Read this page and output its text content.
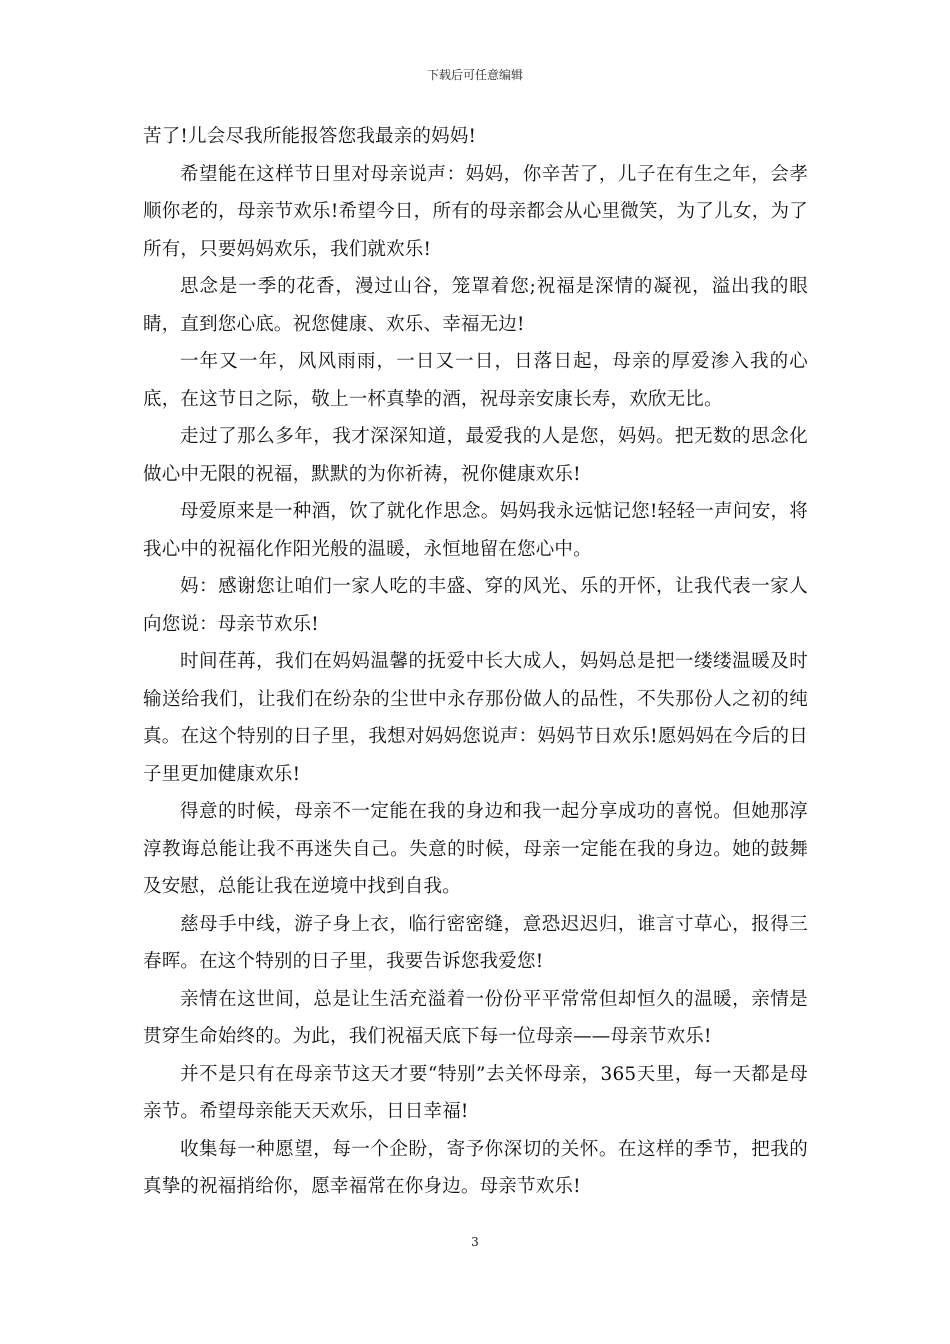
下载后可任意编辑

苦了!儿会尽我所能报答您我最亲的妈妈!

希望能在这样节日里对母亲说声：妈妈，你辛苦了，儿子在有生之年，会孝顺你老的，母亲节欢乐!希望今日，所有的母亲都会从心里微笑，为了儿女，为了所有，只要妈妈欢乐，我们就欢乐!

思念是一季的花香，漫过山谷，笼罩着您;祝福是深情的凝视，溢出我的眼睛，直到您心底。祝您健康、欢乐、幸福无边!

一年又一年，风风雨雨，一日又一日，日落日起，母亲的厚爱渗入我的心底，在这节日之际，敬上一杯真挚的酒，祝母亲安康长寿，欢欣无比。

走过了那么多年，我才深深知道，最爱我的人是您，妈妈。把无数的思念化做心中无限的祝福，默默的为你祈祷，祝你健康欢乐!

母爱原来是一种酒，饮了就化作思念。妈妈我永远惦记您!轻轻一声问安，将我心中的祝福化作阳光般的温暖，永恒地留在您心中。

妈：感谢您让咱们一家人吃的丰盛、穿的风光、乐的开怀，让我代表一家人向您说：母亲节欢乐!

时间荏苒，我们在妈妈温馨的抚爱中长大成人，妈妈总是把一缕缕温暖及时输送给我们，让我们在纷杂的尘世中永存那份做人的品性，不失那份人之初的纯真。在这个特别的日子里，我想对妈妈您说声：妈妈节日欢乐!愿妈妈在今后的日子里更加健康欢乐!

得意的时候，母亲不一定能在我的身边和我一起分享成功的喜悦。但她那淳淳教诲总能让我不再迷失自己。失意的时候，母亲一定能在我的身边。她的鼓舞及安慰，总能让我在逆境中找到自我。

慈母手中线，游子身上衣，临行密密缝，意恐迟迟归，谁言寸草心，报得三春晖。在这个特别的日子里，我要告诉您我爱您!

亲情在这世间，总是让生活充溢着一份份平平常常但却恒久的温暖，亲情是贯穿生命始终的。为此，我们祝福天底下每一位母亲——母亲节欢乐!

并不是只有在母亲节这天才要“特别”去关怀母亲，365天里，每一天都是母亲节。希望母亲能天天欢乐，日日幸福!

收集每一种愿望，每一个企盼，寄予你深切的关怀。在这样的季节，把我的真挚的祝福捎给你，愿幸福常在你身边。母亲节欢乐!

3
